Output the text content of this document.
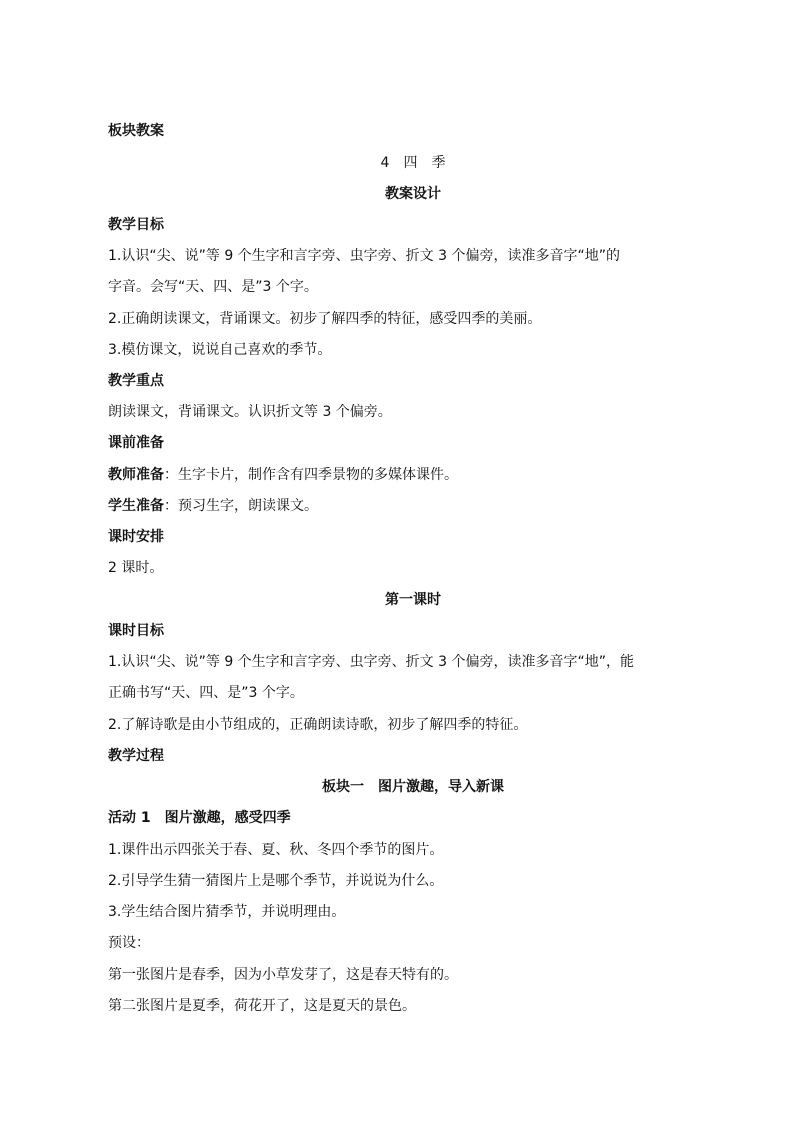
板块教案

4　四　季

教案设计

教学目标

1.认识“尖、说”等 9 个生字和言字旁、虫字旁、折文 3 个偏旁，读准多音字“地”的

字音。会写“天、四、是”3 个字。

2.正确朗读课文，背诵课文。初步了解四季的特征，感受四季的美丽。

3.模仿课文，说说自己喜欢的季节。

教学重点

朗读课文，背诵课文。认识折文等 3 个偏旁。

课前准备

教师准备：生字卡片，制作含有四季景物的多媒体课件。

学生准备：预习生字，朗读课文。

课时安排

2 课时。

第一课时

课时目标

1.认识“尖、说”等 9 个生字和言字旁、虫字旁、折文 3 个偏旁，读准多音字“地”，能

正确书写“天、四、是”3 个字。

2.了解诗歌是由小节组成的，正确朗读诗歌，初步了解四季的特征。

教学过程

板块一　图片激趣，导入新课

活动 1　图片激趣，感受四季

1.课件出示四张关于春、夏、秋、冬四个季节的图片。

2.引导学生猜一猜图片上是哪个季节，并说说为什么。

3.学生结合图片猜季节，并说明理由。

预设：

第一张图片是春季，因为小草发芽了，这是春天特有的。

第二张图片是夏季，荷花开了，这是夏天的景色。
